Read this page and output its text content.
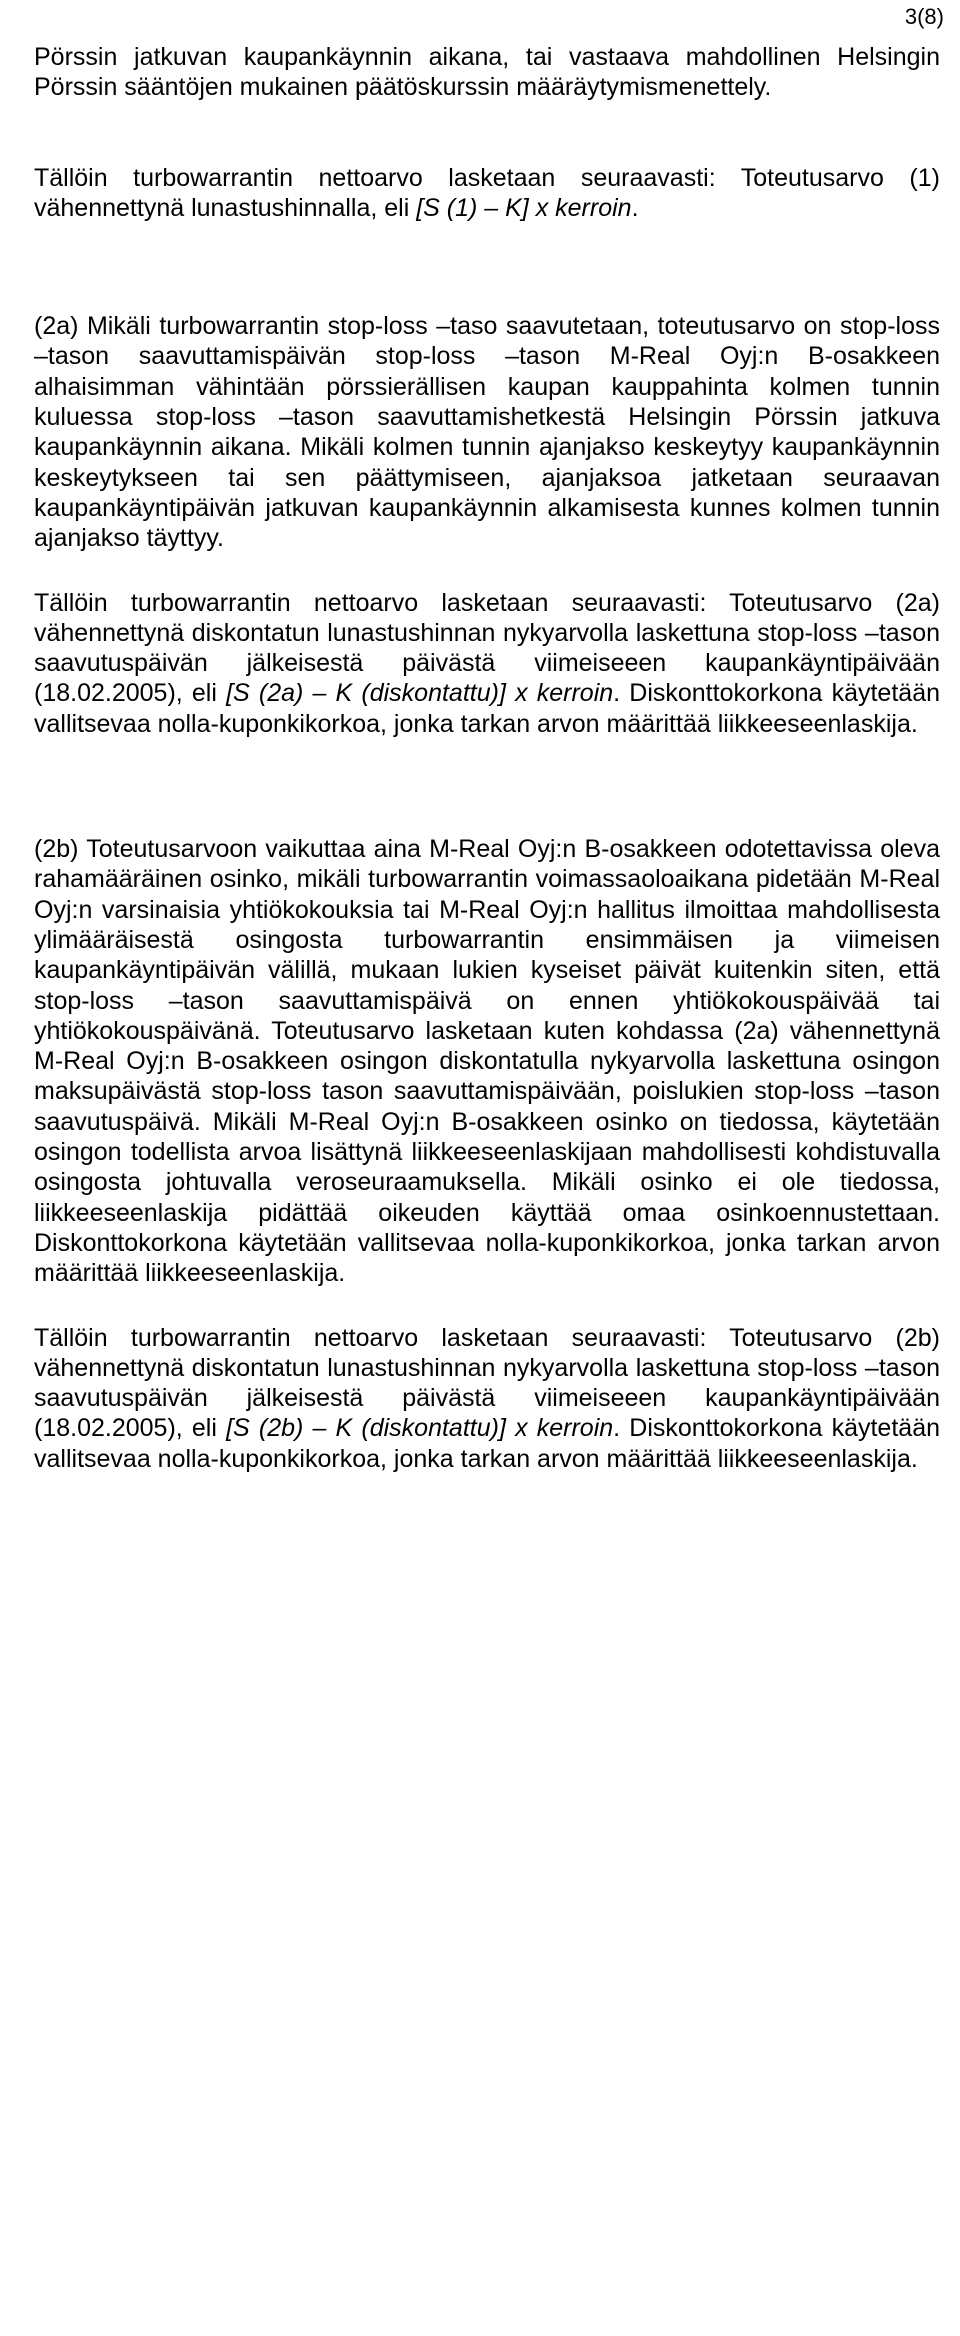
3(8)

Pörssin jatkuvan kaupankäynnin aikana, tai vastaava mahdollinen Helsingin Pörssin sääntöjen mukainen päätöskurssin määräytymismenettely.

Tällöin turbowarrantin nettoarvo lasketaan seuraavasti: Toteutusarvo (1) vähennettynä lunastushinnalla, eli [S (1) – K] x kerroin.

(2a) Mikäli turbowarrantin stop-loss –taso saavutetaan, toteutusarvo on stop-loss –tason saavuttamispäivän stop-loss –tason M-Real Oyj:n B-osakkeen alhaisimman vähintään pörssierällisen kaupan kauppahinta kolmen tunnin kuluessa stop-loss –tason saavuttamishetkestä Helsingin Pörssin jatkuva kaupankäynnin aikana. Mikäli kolmen tunnin ajanjakso keskeytyy kaupankäynnin keskeytykseen tai sen päättymiseen, ajanjaksoa jatketaan seuraavan kaupankäyntipäivän jatkuvan kaupankäynnin alkamisesta kunnes kolmen tunnin ajanjakso täyttyy.

Tällöin turbowarrantin nettoarvo lasketaan seuraavasti: Toteutusarvo (2a) vähennettynä diskontatun lunastushinnan nykyarvolla laskettuna stop-loss –tason saavutuspäivän jälkeisestä päivästä viimeiseeen kaupankäyntipäivään (18.02.2005), eli [S (2a) – K (diskontattu)] x kerroin. Diskonttokorkona käytetään vallitsevaa nolla-kuponkikorkoa, jonka tarkan arvon määrittää liikkeeseenlaskija.

(2b) Toteutusarvoon vaikuttaa aina M-Real Oyj:n B-osakkeen odotettavissa oleva rahamääräinen osinko, mikäli turbowarrantin voimassaoloaikana pidetään M-Real Oyj:n varsinaisia yhtiökokouksia tai M-Real Oyj:n hallitus ilmoittaa mahdollisesta ylimääräisestä osingosta turbowarrantin ensimmäisen ja viimeisen kaupankäyntipäivän välillä, mukaan lukien kyseiset päivät kuitenkin siten, että stop-loss –tason saavuttamispäivä on ennen yhtiökokouspäivää tai yhtiökokouspäivänä. Toteutusarvo lasketaan kuten kohdassa (2a) vähennettynä M-Real Oyj:n B-osakkeen osingon diskontatulla nykyarvolla laskettuna osingon maksupäivästä stop-loss tason saavuttamispäivään, poislukien stop-loss –tason saavutuspäivä. Mikäli M-Real Oyj:n B-osakkeen osinko on tiedossa, käytetään osingon todellista arvoa lisättynä liikkeeseenlaskijaan mahdollisesti kohdistuvalla osingosta johtuvalla veroseuraamuksella. Mikäli osinko ei ole tiedossa, liikkeeseenlaskija pidättää oikeuden käyttää omaa osinkoennustettaan. Diskonttokorkona käytetään vallitsevaa nolla-kuponkikorkoa, jonka tarkan arvon määrittää liikkeeseenlaskija.

Tällöin turbowarrantin nettoarvo lasketaan seuraavasti: Toteutusarvo (2b) vähennettynä diskontatun lunastushinnan nykyarvolla laskettuna stop-loss –tason saavutuspäivän jälkeisestä päivästä viimeiseeen kaupankäyntipäivään (18.02.2005), eli [S (2b) – K (diskontattu)] x kerroin. Diskonttokorkona käytetään vallitsevaa nolla-kuponkikorkoa, jonka tarkan arvon määrittää liikkeeseenlaskija.
